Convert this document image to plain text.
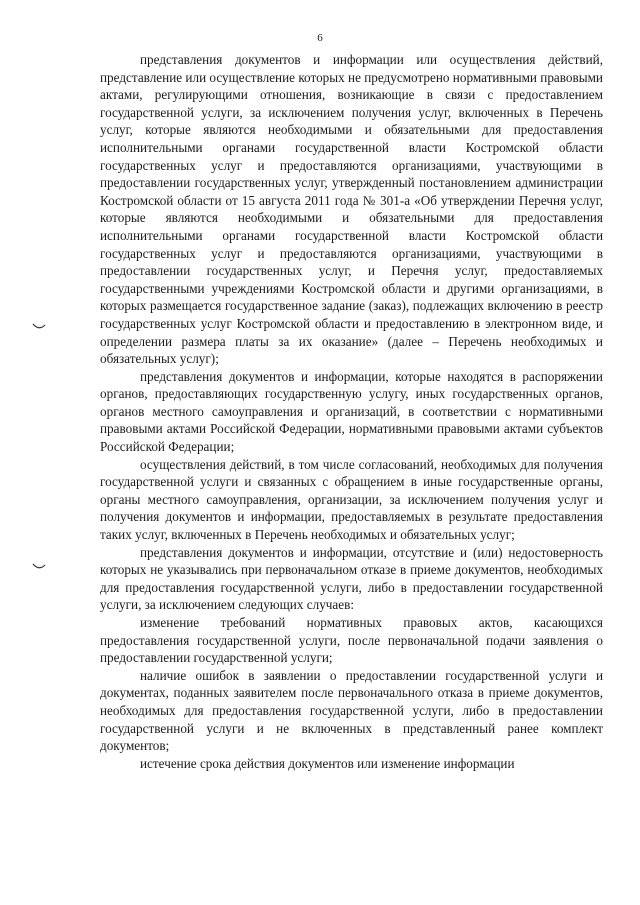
6

представления документов и информации или осуществления действий, представление или осуществление которых не предусмотрено нормативными правовыми актами, регулирующими отношения, возникающие в связи с предоставлением государственной услуги, за исключением получения услуг, включенных в Перечень услуг, которые являются необходимыми и обязательными для предоставления исполнительными органами государственной власти Костромской области государственных услуг и предоставляются организациями, участвующими в предоставлении государственных услуг, утвержденный постановлением администрации Костромской области от 15 августа 2011 года № 301-а «Об утверждении Перечня услуг, которые являются необходимыми и обязательными для предоставления исполнительными органами государственной власти Костромской области государственных услуг и предоставляются организациями, участвующими в предоставлении государственных услуг, и Перечня услуг, предоставляемых государственными учреждениями Костромской области и другими организациями, в которых размещается государственное задание (заказ), подлежащих включению в реестр государственных услуг Костромской области и предоставлению в электронном виде, и определении размера платы за их оказание» (далее – Перечень необходимых и обязательных услуг);

представления документов и информации, которые находятся в распоряжении органов, предоставляющих государственную услугу, иных государственных органов, органов местного самоуправления и организаций, в соответствии с нормативными правовыми актами Российской Федерации, нормативными правовыми актами субъектов Российской Федерации;

осуществления действий, в том числе согласований, необходимых для получения государственной услуги и связанных с обращением в иные государственные органы, органы местного самоуправления, организации, за исключением получения услуг и получения документов и информации, предоставляемых в результате предоставления таких услуг, включенных в Перечень необходимых и обязательных услуг;

представления документов и информации, отсутствие и (или) недостоверность которых не указывались при первоначальном отказе в приеме документов, необходимых для предоставления государственной услуги, либо в предоставлении государственной услуги, за исключением следующих случаев:

изменение требований нормативных правовых актов, касающихся предоставления государственной услуги, после первоначальной подачи заявления о предоставлении государственной услуги;

наличие ошибок в заявлении о предоставлении государственной услуги и документах, поданных заявителем после первоначального отказа в приеме документов, необходимых для предоставления государственной услуги, либо в предоставлении государственной услуги и не включенных в представленный ранее комплект документов;

истечение срока действия документов или изменение информации
